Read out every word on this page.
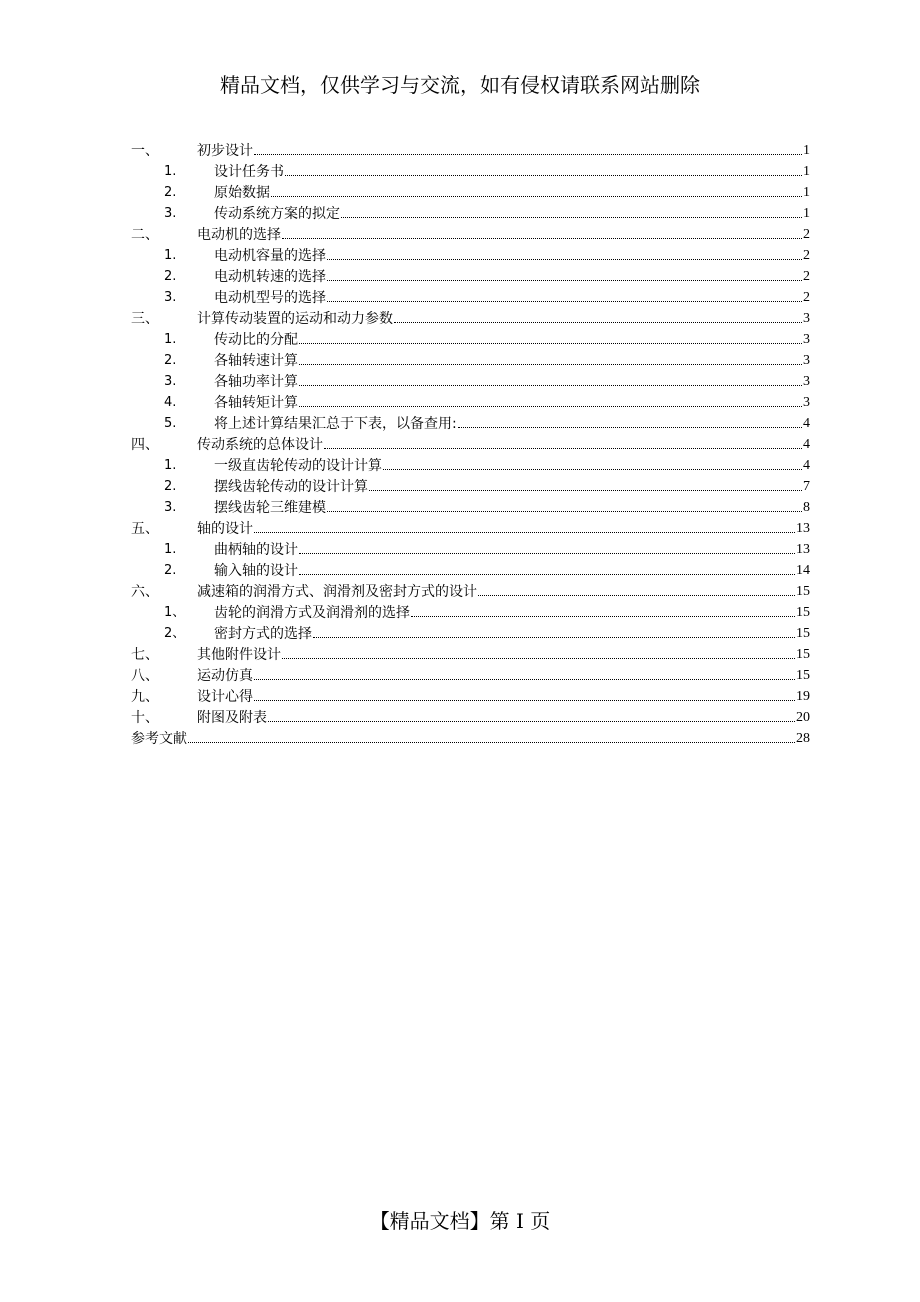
精品文档，仅供学习与交流，如有侵权请联系网站删除
一、	初步设计	1
1.	设计任务书	1
2.	原始数据	1
3.	传动系统方案的拟定	1
二、	电动机的选择	2
1.	电动机容量的选择	2
2.	电动机转速的选择	2
3.	电动机型号的选择	2
三、	计算传动装置的运动和动力参数	3
1.	传动比的分配	3
2.	各轴转速计算	3
3.	各轴功率计算	3
4.	各轴转矩计算	3
5.	将上述计算结果汇总于下表，以备查用:	4
四、	传动系统的总体设计	4
1.	一级直齿轮传动的设计计算	4
2.	摆线齿轮传动的设计计算	7
3.	摆线齿轮三维建模	8
五、	轴的设计	13
1.	曲柄轴的设计	13
2.	输入轴的设计	14
六、	减速箱的润滑方式、润滑剂及密封方式的设计	15
1、	齿轮的润滑方式及润滑剂的选择	15
2、	密封方式的选择	15
七、	其他附件设计	15
八、	运动仿真	15
九、	设计心得	19
十、	附图及附表	20
参考文献	28
【精品文档】第 I 页
